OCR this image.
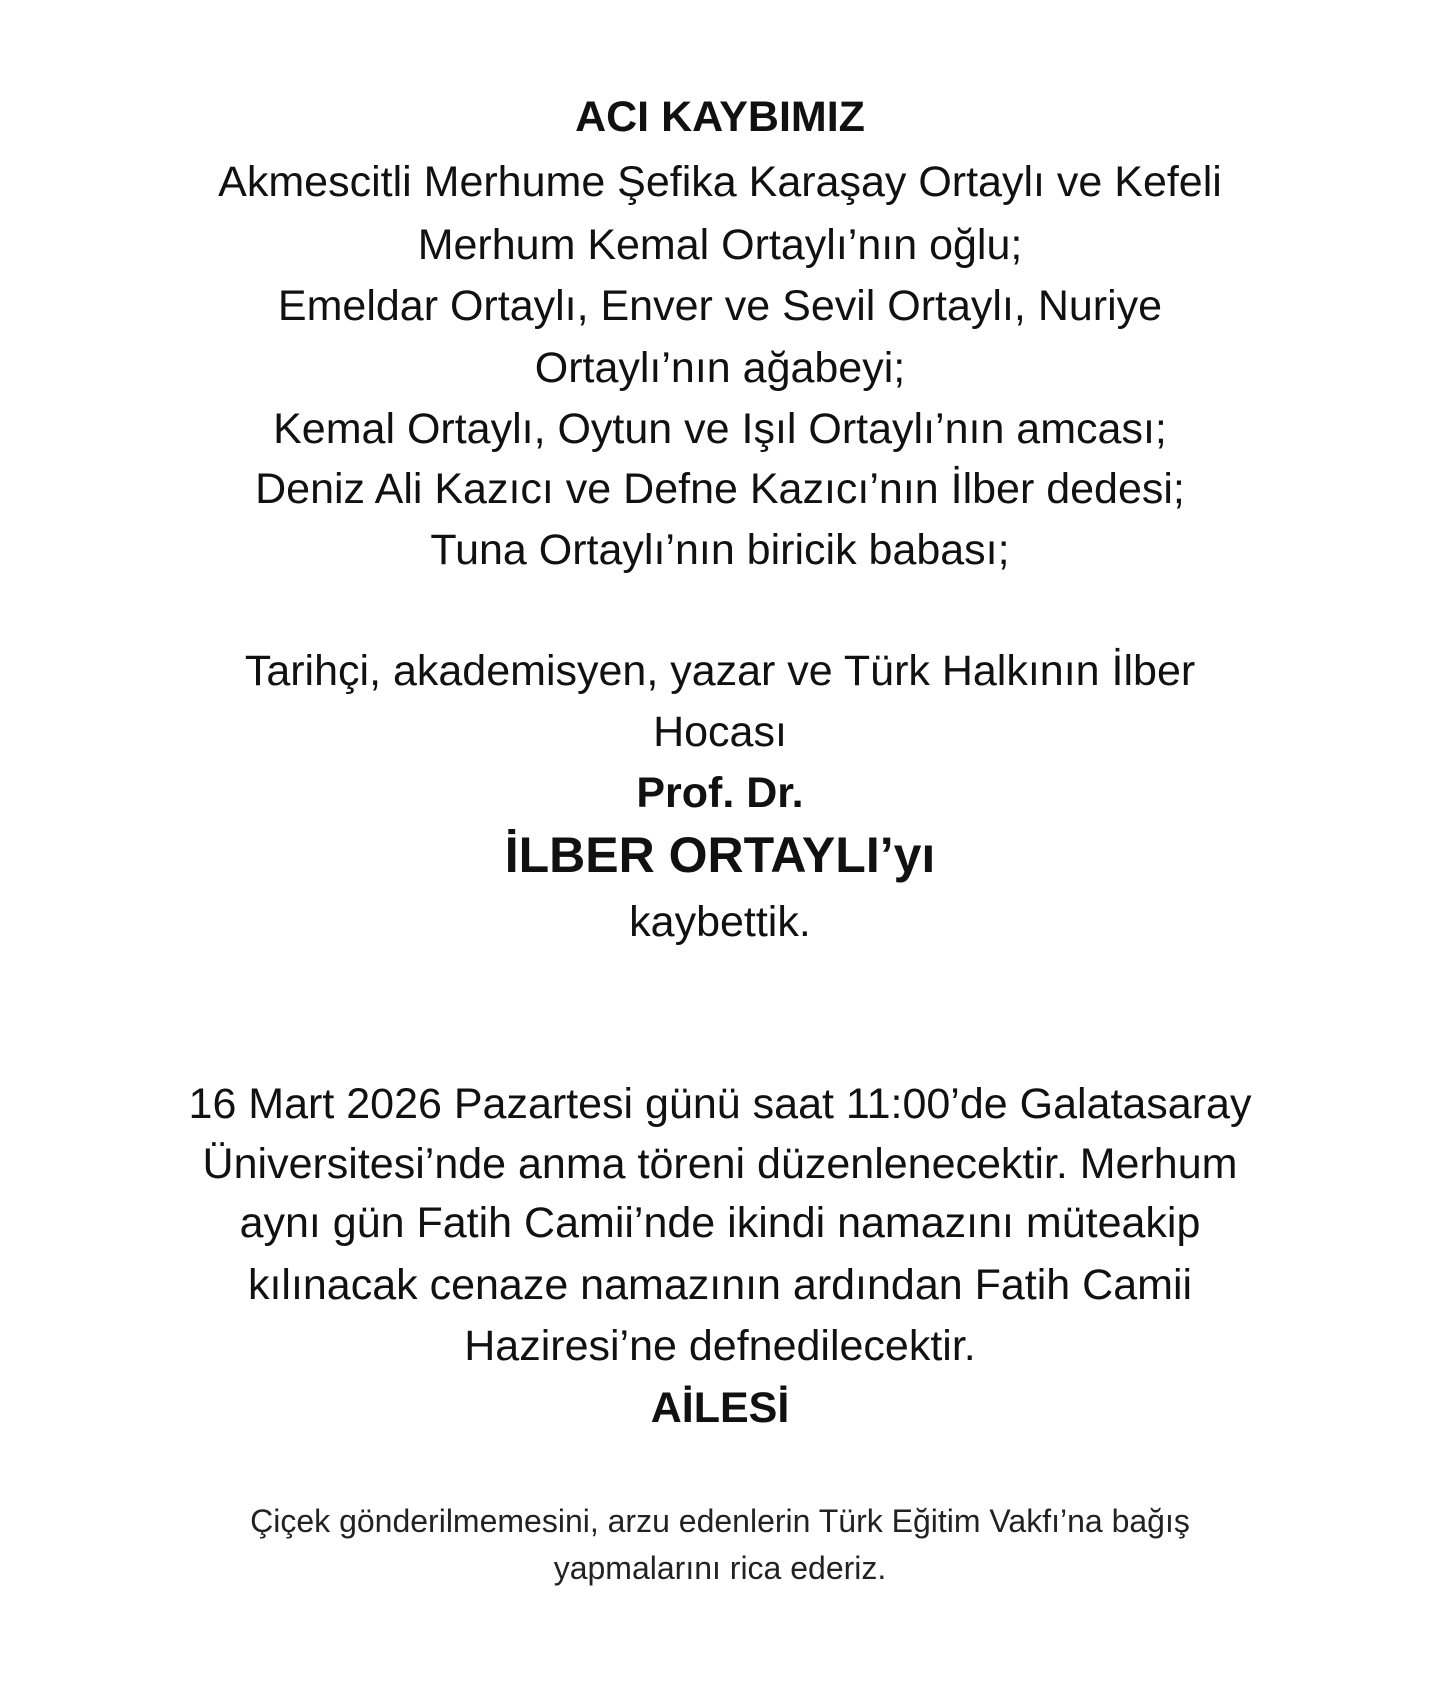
ACI KAYBIMIZ
Akmescitli Merhume Şefika Karaşay Ortaylı ve Kefeli
Merhum Kemal Ortaylı’nın oğlu;
Emeldar Ortaylı, Enver ve Sevil Ortaylı, Nuriye
Ortaylı’nın ağabeyi;
Kemal Ortaylı, Oytun ve Işıl Ortaylı’nın amcası;
Deniz Ali Kazıcı ve Defne Kazıcı’nın İlber dedesi;
Tuna Ortaylı’nın biricik babası;
Tarihçi, akademisyen, yazar ve Türk Halkının İlber
Hocası
Prof. Dr.
İLBER ORTAYLI’yı
kaybettik.
16 Mart 2026 Pazartesi günü saat 11:00’de Galatasaray
Üniversitesi’nde anma töreni düzenlenecektir. Merhum
aynı gün Fatih Camii’nde ikindi namazını müteakip
kılınacak cenaze namazının ardından Fatih Camii
Haziresi’ne defnedilecektir.
AİLESİ
Çiçek gönderilmemesini, arzu edenlerin Türk Eğitim Vakfı’na bağış
yapmalarını rica ederiz.
